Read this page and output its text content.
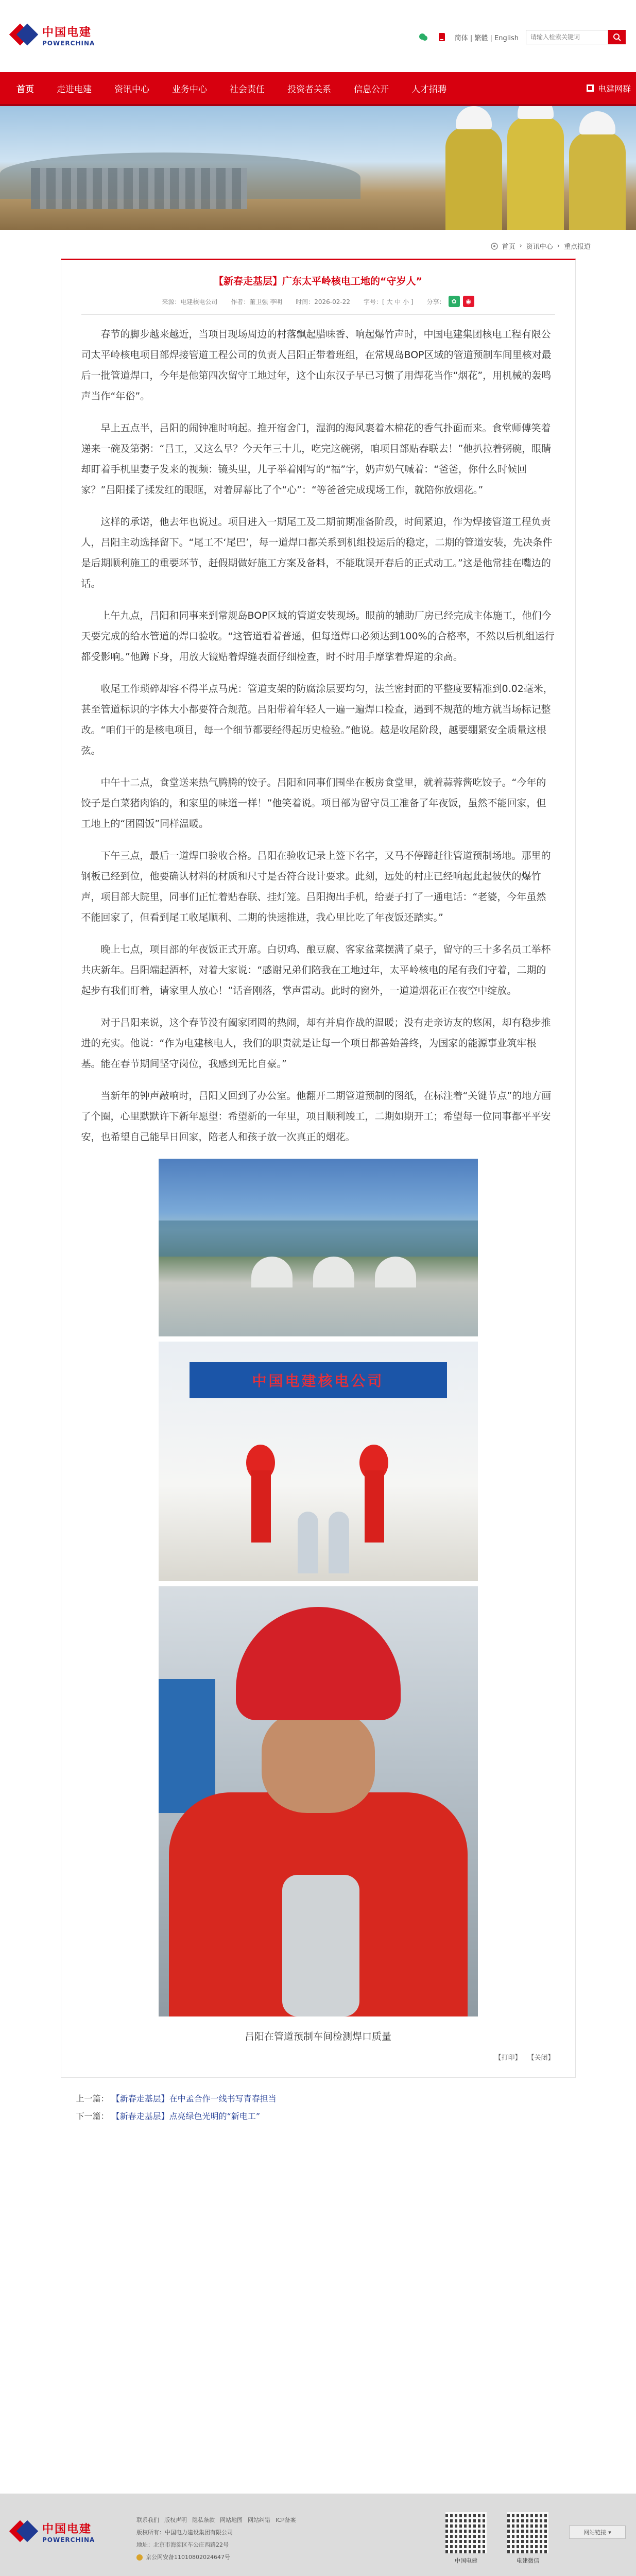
中国电建
POWERCHINA
简体 | 繁體 | English
请输入检索关键词
首页	走进电建	资讯中心	业务中心	社会责任	投资者关系	信息公开	人才招聘	电建网群
首页 › 资讯中心 › 重点报道
【新春走基层】广东太平岭核电工地的“守岁人”
来源：电建核电公司 作者：董卫强 李明 时间：2026-02-22 字号：[ 大 中 小 ] 分享： ✿	◉

春节的脚步越来越近，当项目现场周边的村落飘起腊味香、响起爆竹声时，中国电建集团核电工程有限公司太平岭核电项目部焊接管道工程公司的负责人吕阳正带着班组，在常规岛BOP区域的管道预制车间里核对最后一批管道焊口，今年是他第四次留守工地过年，这个山东汉子早已习惯了用焊花当作“烟花”，用机械的轰鸣声当作“年俗”。

早上五点半，吕阳的闹钟准时响起。推开宿舍门，湿润的海风裹着木棉花的香气扑面而来。食堂师傅笑着递来一碗及第粥：“吕工，又这么早？今天年三十儿，吃完这碗粥，咱项目部贴春联去！”他扒拉着粥碗，眼睛却盯着手机里妻子发来的视频：镜头里，儿子举着刚写的“福”字，奶声奶气喊着：“爸爸，你什么时候回家？”吕阳揉了揉发红的眼眶，对着屏幕比了个“心”：“等爸爸完成现场工作，就陪你放烟花。”

这样的承诺，他去年也说过。项目进入一期尾工及二期前期准备阶段，时间紧迫，作为焊接管道工程负责人，吕阳主动选择留下。“尾工不‘尾巴’，每一道焊口都关系到机组投运后的稳定，二期的管道安装，先决条件是后期顺利施工的重要环节，赶假期做好施工方案及备料，不能耽误开春后的正式动工。”这是他常挂在嘴边的话。

上午九点，吕阳和同事来到常规岛BOP区域的管道安装现场。眼前的辅助厂房已经完成主体施工，他们今天要完成的给水管道的焊口验收。“这管道看着普通，但每道焊口必须达到100%的合格率，不然以后机组运行都受影响。”他蹲下身，用放大镜贴着焊缝表面仔细检查，时不时用手摩挲着焊道的余高。

收尾工作琐碎却容不得半点马虎：管道支架的防腐涂层要均匀，法兰密封面的平整度要精准到0.02毫米，甚至管道标识的字体大小都要符合规范。吕阳带着年轻人一遍一遍焊口检查，遇到不规范的地方就当场标记整改。“咱们干的是核电项目，每一个细节都要经得起历史检验。”他说。越是收尾阶段，越要绷紧安全质量这根弦。

中午十二点，食堂送来热气腾腾的饺子。吕阳和同事们围坐在板房食堂里，就着蒜蓉酱吃饺子。“今年的饺子是白菜猪肉馅的，和家里的味道一样！”他笑着说。项目部为留守员工准备了年夜饭，虽然不能回家，但工地上的“团圆饭”同样温暖。

下午三点，最后一道焊口验收合格。吕阳在验收记录上签下名字，又马不停蹄赶往管道预制场地。那里的钢板已经到位，他要确认材料的材质和尺寸是否符合设计要求。此刻，远处的村庄已经响起此起彼伏的爆竹声，项目部大院里，同事们正忙着贴春联、挂灯笼。吕阳掏出手机，给妻子打了一通电话：“老婆，今年虽然不能回家了，但看到尾工收尾顺利、二期的快速推进，我心里比吃了年夜饭还踏实。”

晚上七点，项目部的年夜饭正式开席。白切鸡、酿豆腐、客家盆菜摆满了桌子，留守的三十多名员工举杯共庆新年。吕阳端起酒杯，对着大家说：“感谢兄弟们陪我在工地过年，太平岭核电的尾有我们守着，二期的起步有我们盯着，请家里人放心！”话音刚落，掌声雷动。此时的窗外，一道道烟花正在夜空中绽放。

对于吕阳来说，这个春节没有阖家团圆的热闹，却有并肩作战的温暖；没有走亲访友的悠闲，却有稳步推进的充实。他说：“作为电建核电人，我们的职责就是让每一个项目都善始善终，为国家的能源事业筑牢根基。能在春节期间坚守岗位，我感到无比自豪。”

当新年的钟声敲响时，吕阳又回到了办公室。他翻开二期管道预制的图纸，在标注着“关键节点”的地方画了个圈，心里默默许下新年愿望：希望新的一年里，项目顺利竣工，二期如期开工；希望每一位同事都平平安安，也希望自己能早日回家，陪老人和孩子放一次真正的烟花。

中国电建核电公司
吕阳在管道预制车间检测焊口质量
【打印】 【关闭】
上一篇： 【新春走基层】在中孟合作一线书写青春担当
下一篇： 【新春走基层】点亮绿色光明的“新电工”
中国电建
POWERCHINA
联系我们 版权声明 隐私条款 网站地图 网站纠错 ICP备案
版权所有：中国电力建设集团有限公司
地址：北京市海淀区车公庄西路22号
京公网安备11010802024647号
中国电建	电建微信
网站链接 ▾
